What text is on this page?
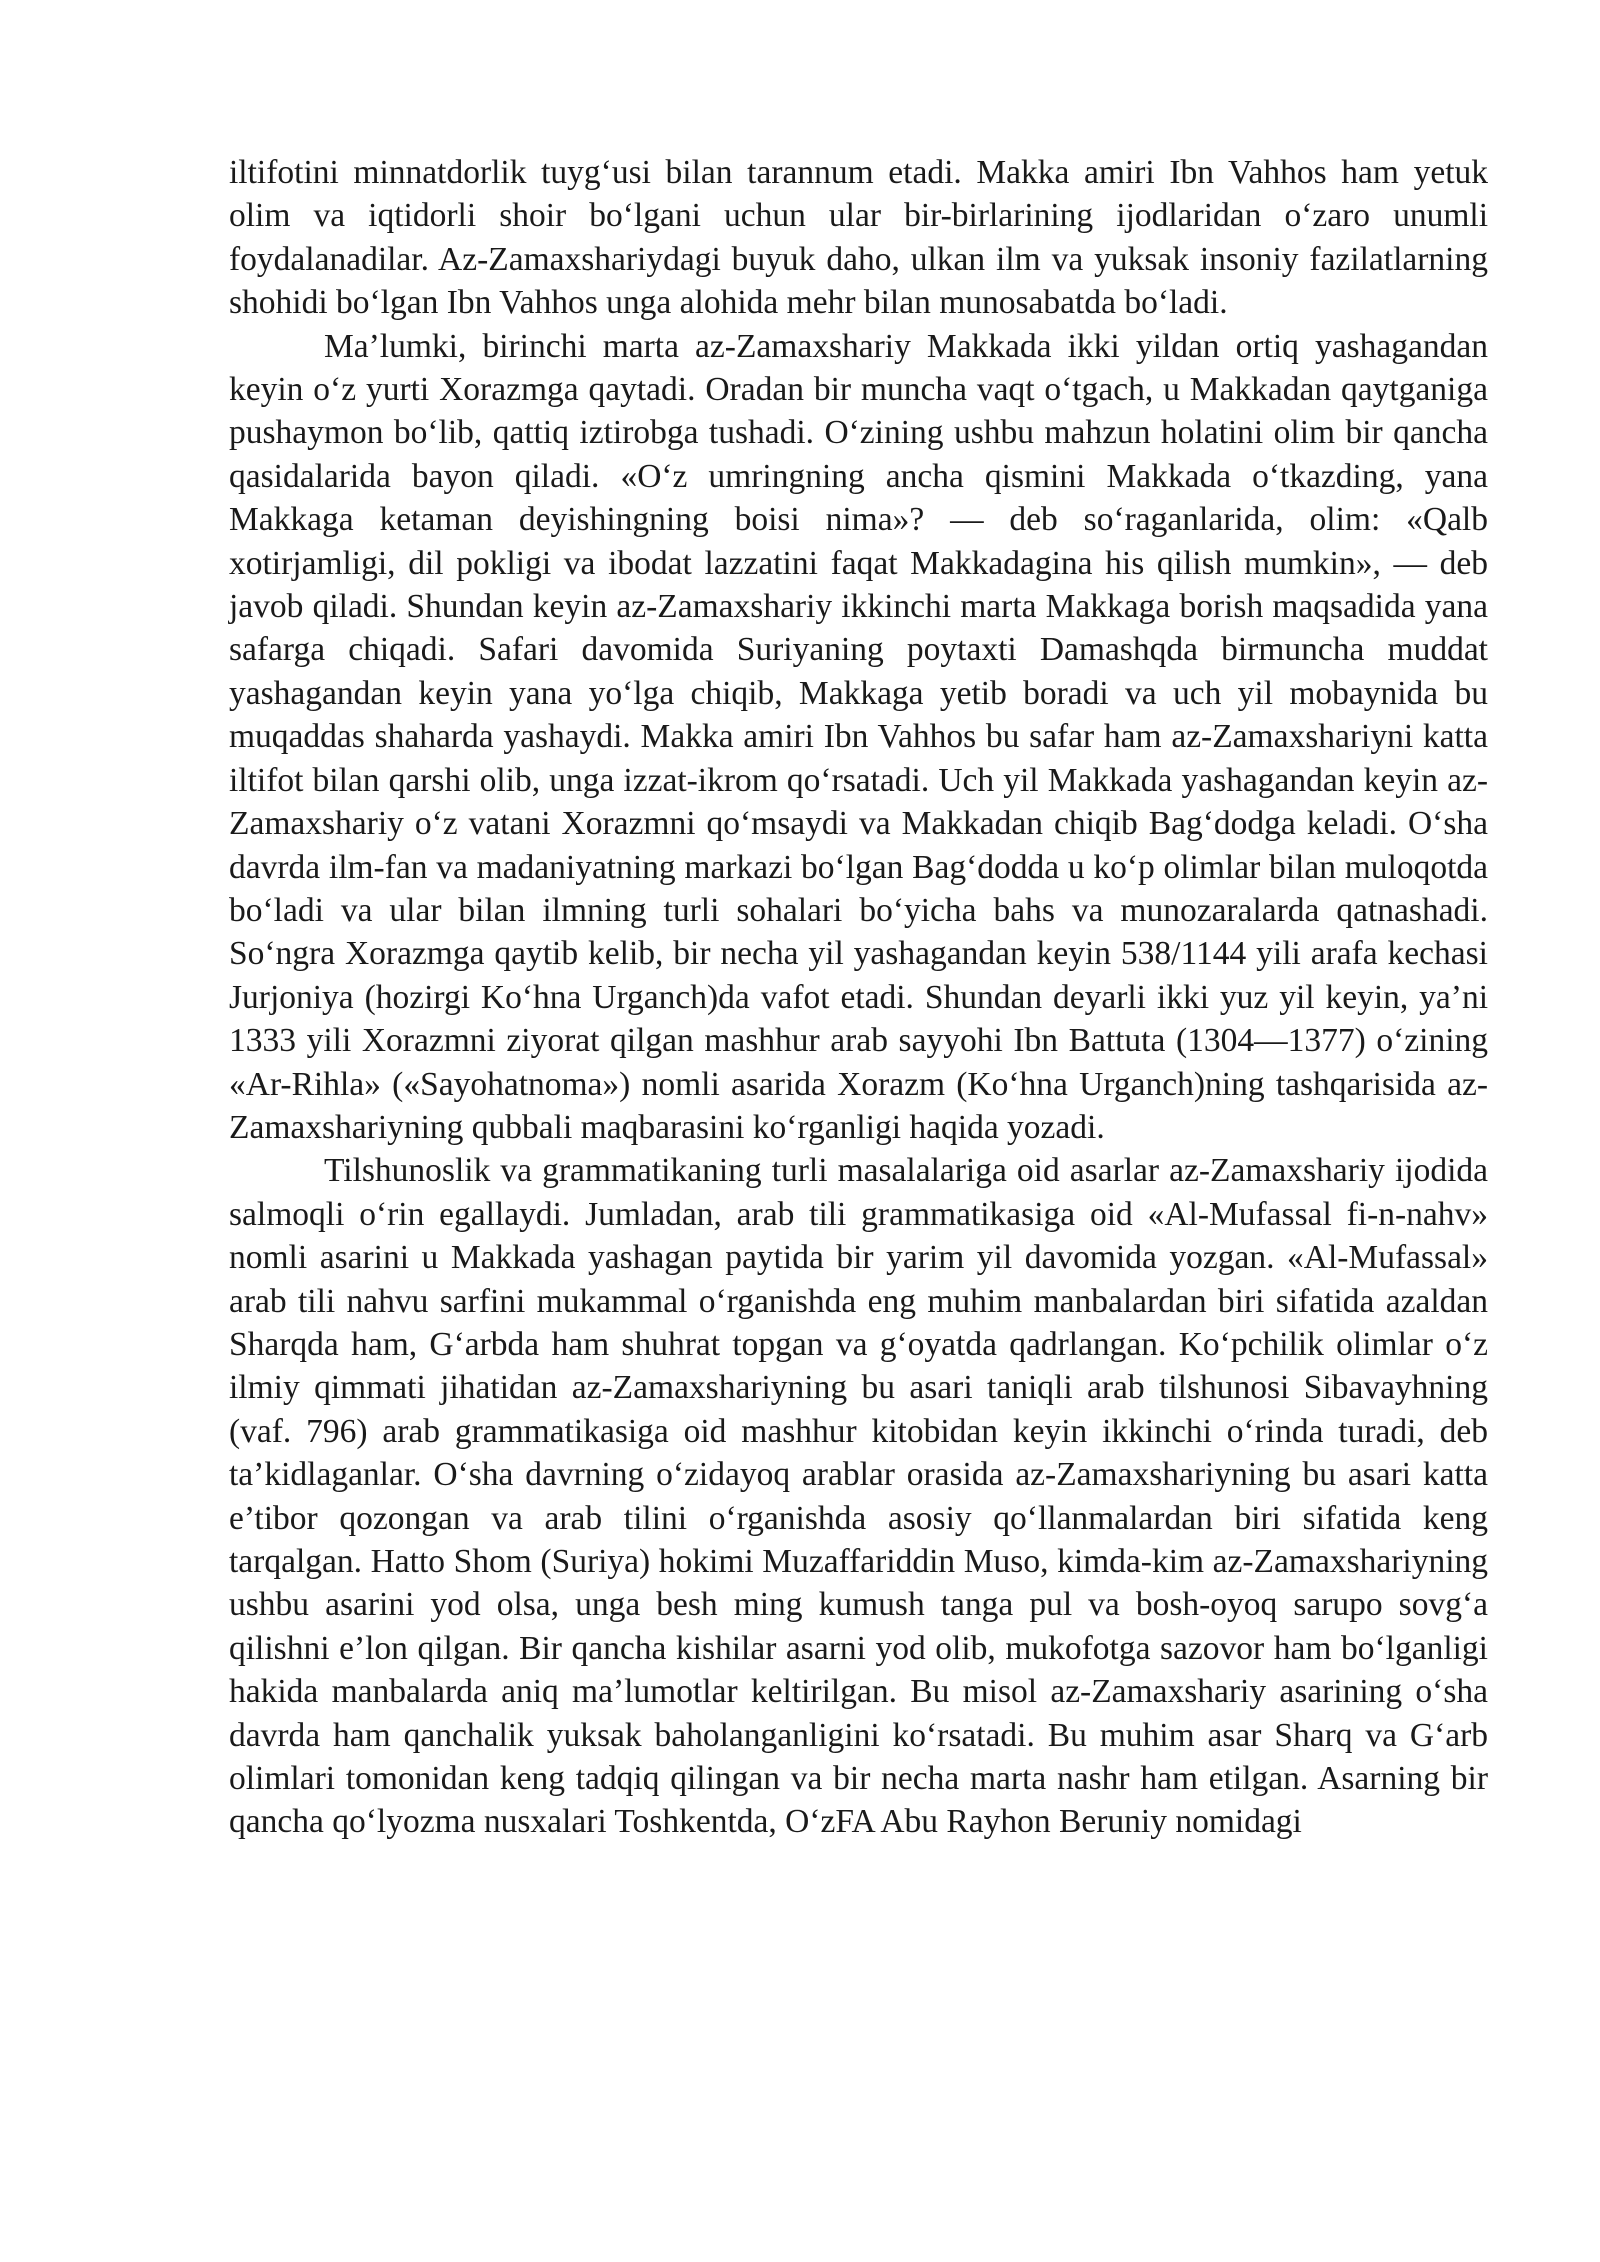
iltifotini minnatdorlik tuyg‘usi bilan tarannum etadi. Makka amiri Ibn Vahhos ham yetuk olim va iqtidorli shoir bo‘lgani uchun ular bir-birlarining ijodlaridan o‘zaro unumli foydalanadilar. Az-Zamaxshariydagi buyuk daho, ulkan ilm va yuksak insoniy fazilatlarning shohidi bo‘lgan Ibn Vahhos unga alohida mehr bilan munosabatda bo‘ladi.

Ma’lumki, birinchi marta az-Zamaxshariy Makkada ikki yildan ortiq yashagandan keyin o‘z yurti Xorazmga qaytadi. Oradan bir muncha vaqt o‘tgach, u Makkadan qaytganiga pushaymon bo‘lib, qattiq iztirobga tushadi. O‘zining ushbu mahzun holatini olim bir qancha qasidalarida bayon qiladi. «O‘z umringning ancha qismini Makkada o‘tkazding, yana Makkaga ketaman deyishingning boisi nima»? — deb so‘raganlarida, olim: «Qalb xotirjamligi, dil pokligi va ibodat lazzatini faqat Makkadagina his qilish mumkin», — deb javob qiladi. Shundan keyin az-Zamaxshariy ikkinchi marta Makkaga borish maqsadida yana safarga chiqadi. Safari davomida Suriyaning poytaxti Damashqda birmuncha muddat yashagandan keyin yana yo‘lga chiqib, Makkaga yetib boradi va uch yil mobaynida bu muqaddas shaharda yashaydi. Makka amiri Ibn Vahhos bu safar ham az-Zamaxshariyni katta iltifot bilan qarshi olib, unga izzat-ikrom qo‘rsatadi. Uch yil Makkada yashagandan keyin az-Zamaxshariy o‘z vatani Xorazmni qo‘msaydi va Makkadan chiqib Bag‘dodga keladi. O‘sha davrda ilm-fan va madaniyatning markazi bo‘lgan Bag‘dodda u ko‘p olimlar bilan muloqotda bo‘ladi va ular bilan ilmning turli sohalari bo‘yicha bahs va munozaralarda qatnashadi. So‘ngra Xorazmga qaytib kelib, bir necha yil yashagandan keyin 538/1144 yili arafa kechasi Jurjoniya (hozirgi Ko‘hna Urganch)da vafot etadi. Shundan deyarli ikki yuz yil keyin, ya’ni 1333 yili Xorazmni ziyorat qilgan mashhur arab sayyohi Ibn Battuta (1304—1377) o‘zining «Ar-Rihla» («Sayohatnoma») nomli asarida Xorazm (Ko‘hna Urganch)ning tashqarisida az-Zamaxshariyning qubbali maqbarasini ko‘rganligi haqida yozadi.

Tilshunoslik va grammatikaning turli masalalariga oid asarlar az-Zamaxshariy ijodida salmoqli o‘rin egallaydi. Jumladan, arab tili grammatikasiga oid «Al-Mufassal fi-n-nahv» nomli asarini u Makkada yashagan paytida bir yarim yil davomida yozgan. «Al-Mufassal» arab tili nahvu sarfini mukammal o‘rganishda eng muhim manbalardan biri sifatida azaldan Sharqda ham, G‘arbda ham shuhrat topgan va g‘oyatda qadrlangan. Ko‘pchilik olimlar o‘z ilmiy qimmati jihatidan az-Zamaxshariyning bu asari taniqli arab tilshunosi Sibavayhning (vaf. 796) arab grammatikasiga oid mashhur kitobidan keyin ikkinchi o‘rinda turadi, deb ta’kidlaganlar. O‘sha davrning o‘zidayoq arablar orasida az-Zamaxshariyning bu asari katta e’tibor qozongan va arab tilini o‘rganishda asosiy qo‘llanmalardan biri sifatida keng tarqalgan. Hatto Shom (Suriya) hokimi Muzaffariddin Muso, kimda-kim az-Zamaxshariyning ushbu asarini yod olsa, unga besh ming kumush tanga pul va bosh-oyoq sarupo sovg‘a qilishni e’lon qilgan. Bir qancha kishilar asarni yod olib, mukofotga sazovor ham bo‘lganligi hakida manbalarda aniq ma’lumotlar keltirilgan. Bu misol az-Zamaxshariy asarining o‘sha davrda ham qanchalik yuksak baholanganligini ko‘rsatadi. Bu muhim asar Sharq va G‘arb olimlari tomonidan keng tadqiq qilingan va bir necha marta nashr ham etilgan. Asarning bir qancha qo‘lyozma nusxalari Toshkentda, O‘zFA Abu Rayhon Beruniy nomidagi
